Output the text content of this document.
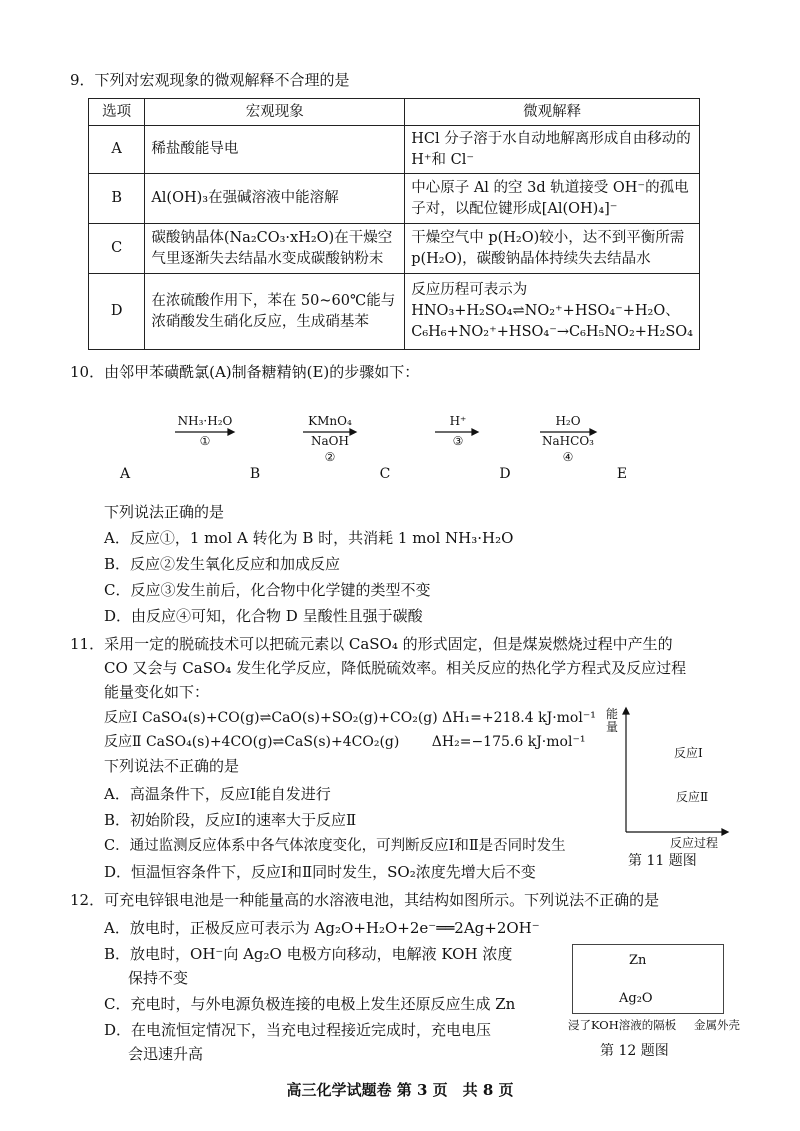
9．下列对宏观现象的微观解释不合理的是
选项	宏观现象	微观解释
A	稀盐酸能导电	HCl 分子溶于水自动地解离形成自由移动的 H⁺和 Cl⁻
B	Al(OH)₃在强碱溶液中能溶解	中心原子 Al 的空 3d 轨道接受 OH⁻的孤电子对，以配位键形成[Al(OH)₄]⁻
C	碳酸钠晶体(Na₂CO₃·xH₂O)在干燥空气里逐渐失去结晶水变成碳酸钠粉末	干燥空气中 p(H₂O)较小，达不到平衡所需p(H₂O)，碳酸钠晶体持续失去结晶水
D	在浓硫酸作用下，苯在 50~60℃能与浓硝酸发生硝化反应，生成硝基苯	反应历程可表示为 HNO₃+H₂SO₄⇌NO₂⁺+HSO₄⁻+H₂O、C₆H₆+NO₂⁺+HSO₄⁻→C₆H₅NO₂+H₂SO₄
10．由邻甲苯磺酰氯(A)制备糖精钠(E)的步骤如下：
A	B	C	D	E
NH₃·H₂O
①
KMnO₄
NaOH
②
H⁺
③
H₂O
NaHCO₃
④
下列说法正确的是
A．反应①，1 mol A 转化为 B 时，共消耗 1 mol NH₃·H₂O
B．反应②发生氧化反应和加成反应
C．反应③发生前后，化合物中化学键的类型不变
D．由反应④可知，化合物 D 呈酸性且强于碳酸
11．采用一定的脱硫技术可以把硫元素以 CaSO₄ 的形式固定，但是煤炭燃烧过程中产生的
CO 又会与 CaSO₄ 发生化学反应，降低脱硫效率。相关反应的热化学方程式及反应过程
能量变化如下：
反应Ⅰ CaSO₄(s)+CO(g)⇌CaO(s)+SO₂(g)+CO₂(g) ΔH₁=+218.4 kJ·mol⁻¹
反应Ⅱ CaSO₄(s)+4CO(g)⇌CaS(s)+4CO₂(g)　　 ΔH₂=−175.6 kJ·mol⁻¹
下列说法不正确的是
A．高温条件下，反应Ⅰ能自发进行
B．初始阶段，反应Ⅰ的速率大于反应Ⅱ
C．通过监测反应体系中各气体浓度变化，可判断反应Ⅰ和Ⅱ是否同时发生
D．恒温恒容条件下，反应Ⅰ和Ⅱ同时发生，SO₂浓度先增大后不变
能量
反应Ⅰ
反应Ⅱ
反应过程
第 11 题图
12．可充电锌银电池是一种能量高的水溶液电池，其结构如图所示。下列说法不正确的是
A．放电时，正极反应可表示为 Ag₂O+H₂O+2e⁻══2Ag+2OH⁻
B．放电时，OH⁻向 Ag₂O 电极方向移动，电解液 KOH 浓度
保持不变
C．充电时，与外电源负极连接的电极上发生还原反应生成 Zn
D．在电流恒定情况下，当充电过程接近完成时，充电电压
会迅速升高
Zn
Ag₂O
浸了KOH溶液的隔板 金属外壳
第 12 题图
高三化学试题卷 第 3 页　共 8 页
